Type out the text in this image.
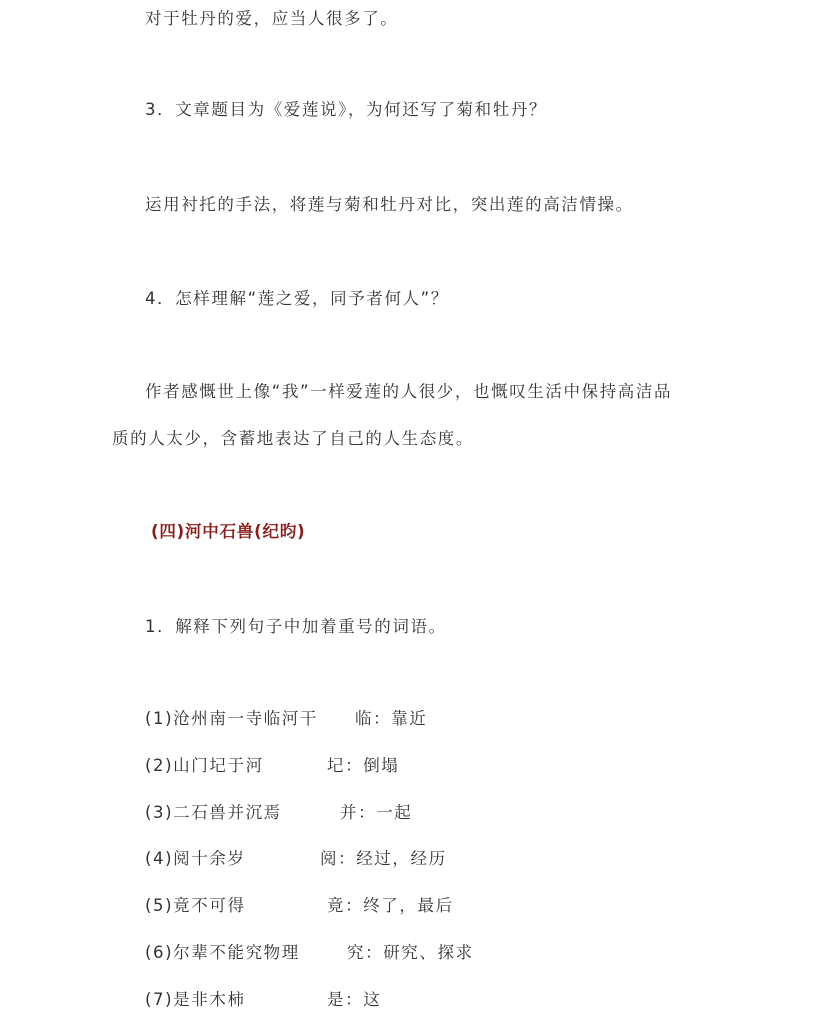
对于牡丹的爱，应当人很多了。
3．文章题目为《爱莲说》，为何还写了菊和牡丹？
运用衬托的手法，将莲与菊和牡丹对比，突出莲的高洁情操。
4．怎样理解“莲之爱，同予者何人”？
作者感慨世上像“我”一样爱莲的人很少，也慨叹生活中保持高洁品
质的人太少，含蓄地表达了自己的人生态度。
(四)河中石兽(纪昀)
1．解释下列句子中加着重号的词语。
(1)沧州南一寺临河干 临：靠近
(2)山门圮于河	圮：倒塌
(3)二石兽并沉焉	并：一起
(4)阅十余岁	阅：经过，经历
(5)竟不可得	竟：终了，最后
(6)尔辈不能究物理	究：研究、探求
(7)是非木柿	是：这
